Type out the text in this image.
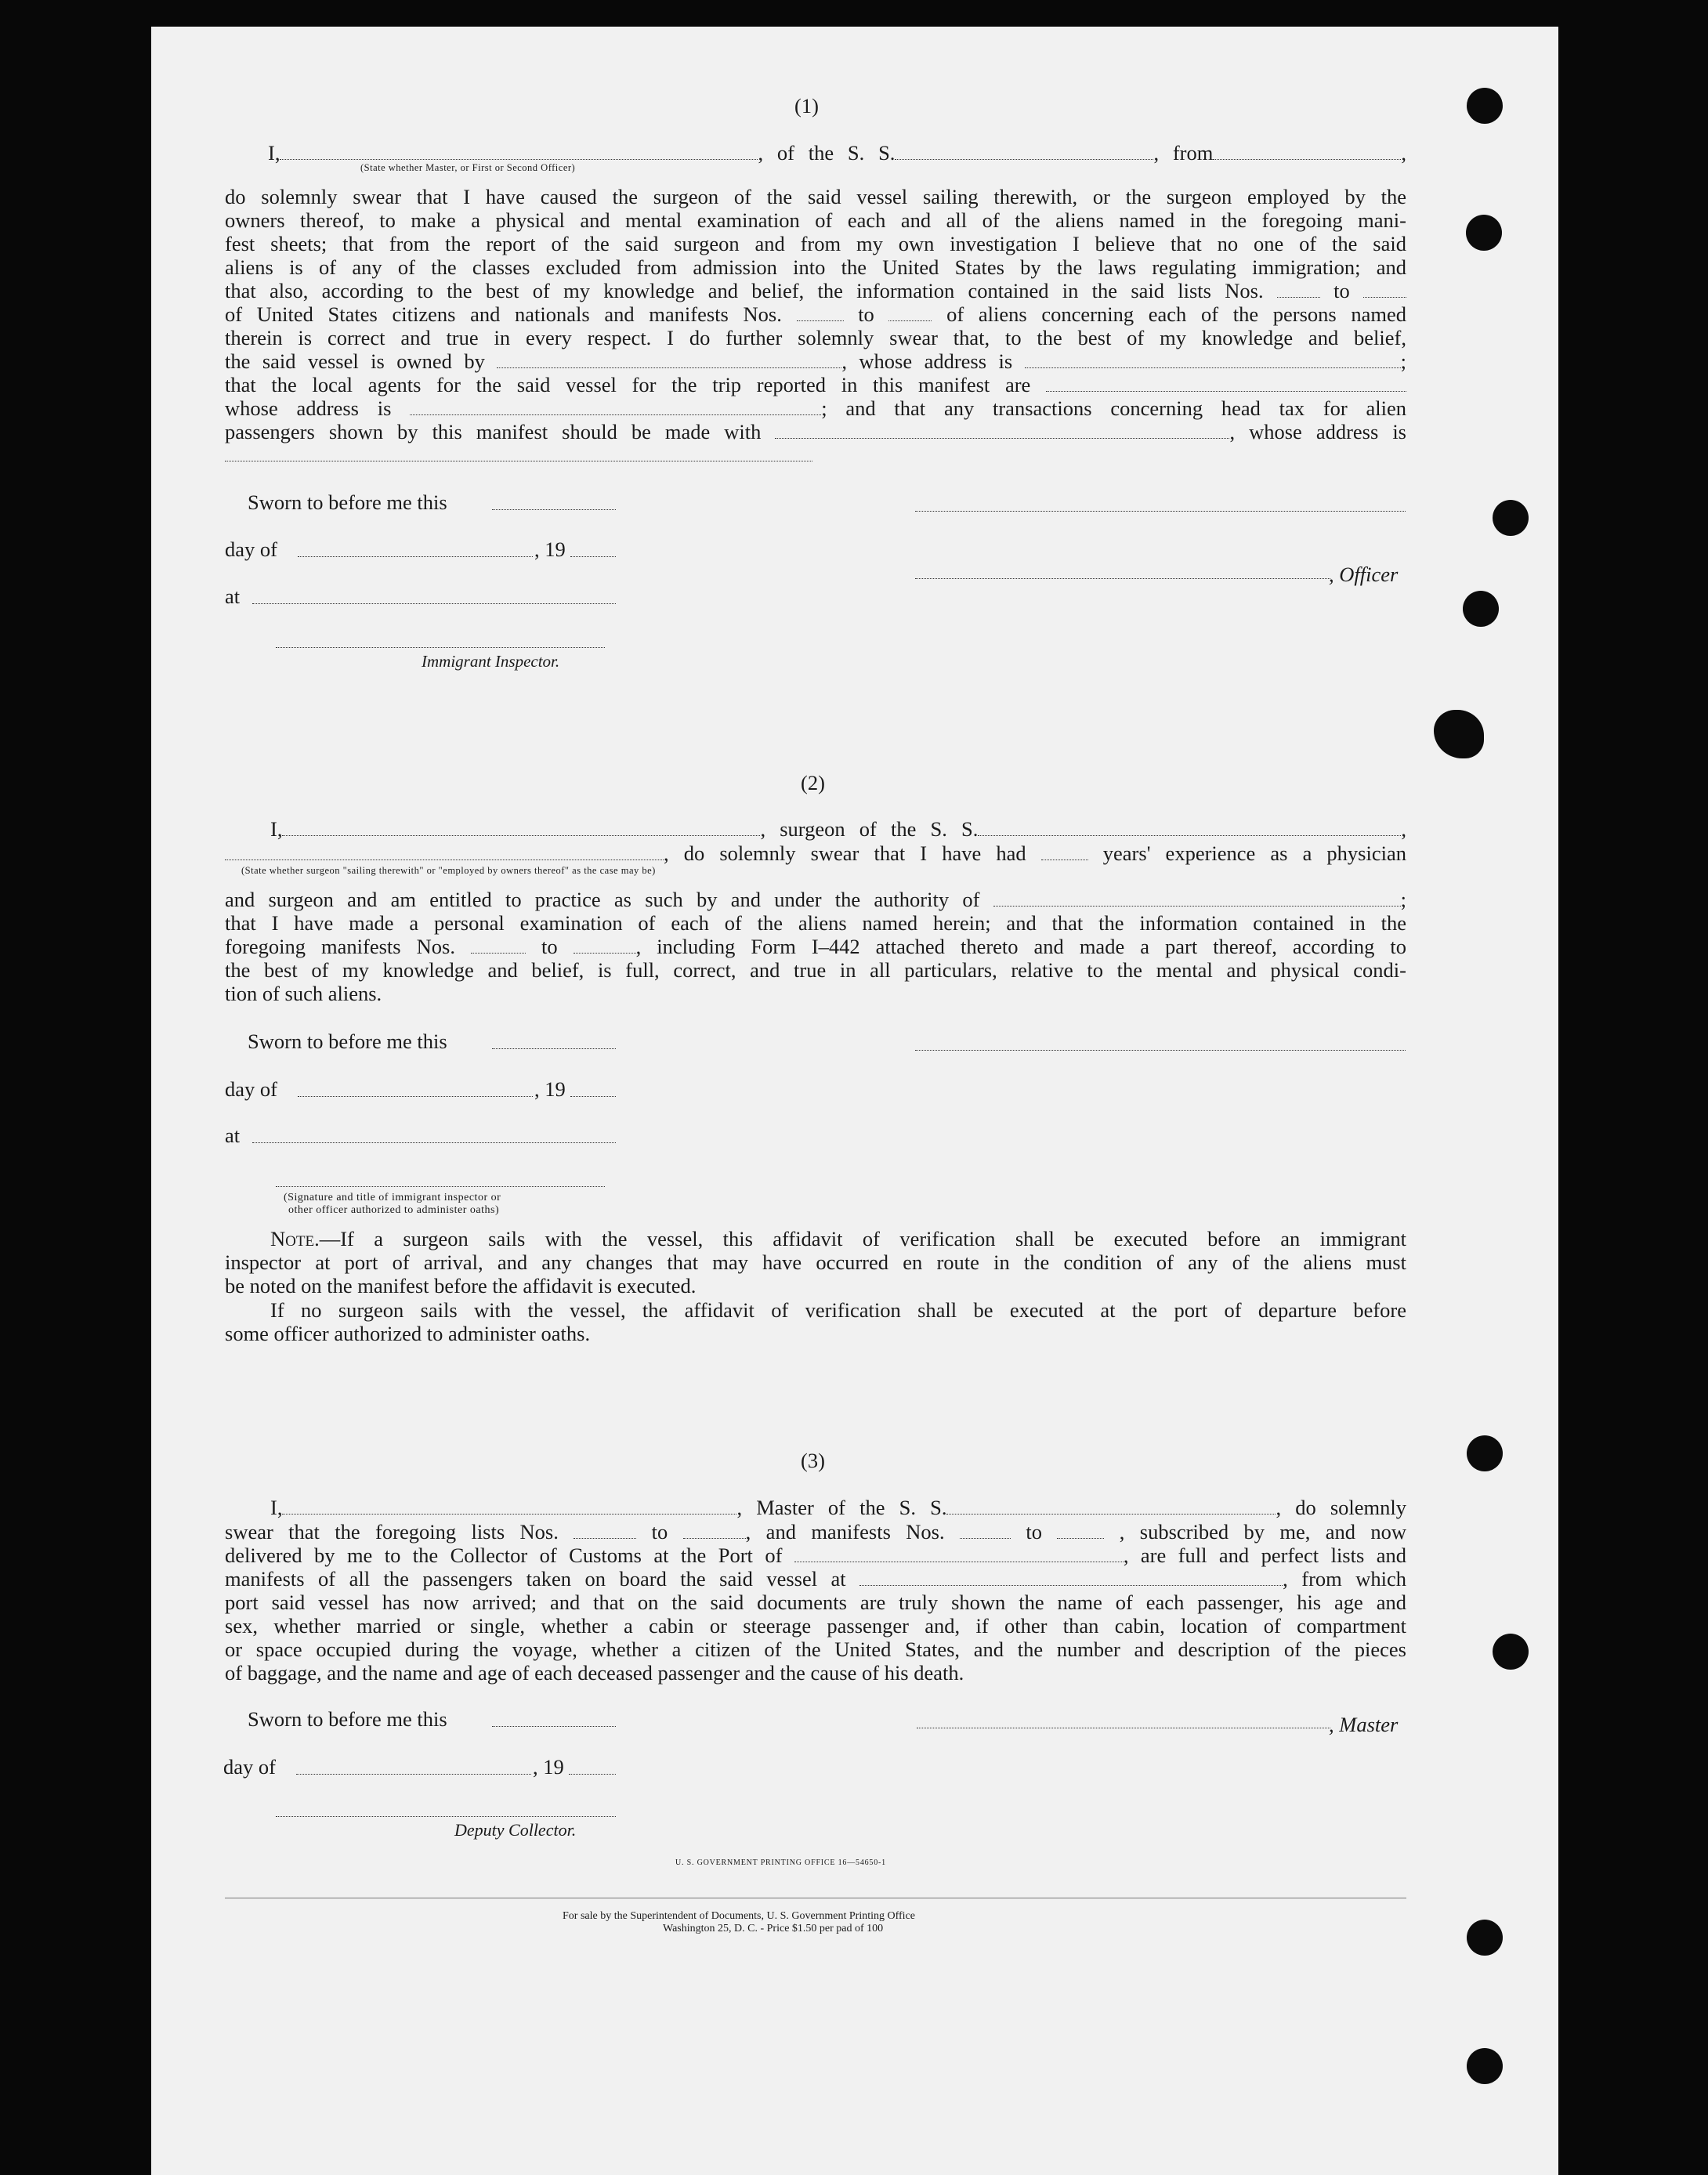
(1)
I,	, of the S. S.	, from	,
(State whether Master, or First or Second Officer)
do solemnly swear that I have caused the surgeon of the said vessel sailing therewith, or the surgeon employed by the
owners thereof, to make a physical and mental examination of each and all of the aliens named in the foregoing mani-
fest sheets; that from the report of the said surgeon and from my own investigation I believe that no one of the said
aliens is of any of the classes excluded from admission into the United States by the laws regulating immigration; and
that also, according to the best of my knowledge and belief, the information contained in the said lists Nos.	to
of United States citizens and nationals and manifests Nos.	to	of aliens concerning each of the persons named
therein is correct and true in every respect. I do further solemnly swear that, to the best of my knowledge and belief,
the said vessel is owned by	, whose address is	;
that the local agents for the said vessel for the trip reported in this manifest are
whose address is	; and that any transactions concerning head tax for alien
passengers shown by this manifest should be made with	, whose address is
Sworn to before me this
day of	, 19
, Officer
at
Immigrant Inspector.
(2)
I,	, surgeon of the S. S.	,
, do solemnly swear that I have had	years' experience as a physician
(State whether surgeon "sailing therewith" or "employed by owners thereof" as the case may be)
and surgeon and am entitled to practice as such by and under the authority of	;
that I have made a personal examination of each of the aliens named herein; and that the information contained in the
foregoing manifests Nos.	to	, including Form I–442 attached thereto and made a part thereof, according to
the best of my knowledge and belief, is full, correct, and true in all particulars, relative to the mental and physical condi-
tion of such aliens.
Sworn to before me this
day of	, 19
at
(Signature and title of immigrant inspector or
other officer authorized to administer oaths)
Note.—If a surgeon sails with the vessel, this affidavit of verification shall be executed before an immigrant
inspector at port of arrival, and any changes that may have occurred en route in the condition of any of the aliens must
be noted on the manifest before the affidavit is executed.
If no surgeon sails with the vessel, the affidavit of verification shall be executed at the port of departure before
some officer authorized to administer oaths.
(3)
I,	, Master of the S. S.	, do solemnly
swear that the foregoing lists Nos.	to	, and manifests Nos.	to	, subscribed by me, and now
delivered by me to the Collector of Customs at the Port of	, are full and perfect lists and
manifests of all the passengers taken on board the said vessel at	, from which
port said vessel has now arrived; and that on the said documents are truly shown the name of each passenger, his age and
sex, whether married or single, whether a cabin or steerage passenger and, if other than cabin, location of compartment
or space occupied during the voyage, whether a citizen of the United States, and the number and description of the pieces
of baggage, and the name and age of each deceased passenger and the cause of his death.
Sworn to before me this	, Master
day of	, 19
Deputy Collector.
U. S. GOVERNMENT PRINTING OFFICE 16—54650-1
For sale by the Superintendent of Documents, U. S. Government Printing Office
Washington 25, D. C. - Price $1.50 per pad of 100
